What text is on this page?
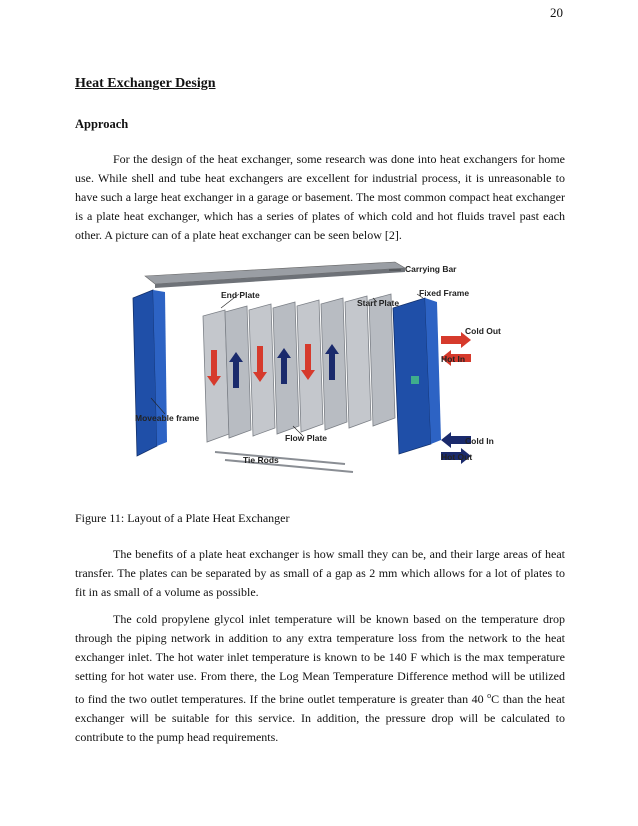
20
Heat Exchanger Design
Approach

For the design of the heat exchanger, some research was done into heat exchangers for home use. While shell and tube heat exchangers are excellent for industrial process, it is unreasonable to have such a large heat exchanger in a garage or basement. The most common compact heat exchanger is a plate heat exchanger, which has a series of plates of which cold and hot fluids travel past each other. A picture can of a plate heat exchanger can be seen below [2].

Carrying Bar
End Plate
Start Plate
Fixed Frame
Cold Out
Hot In
Moveable frame
Flow Plate
Tie Rods
Cold In
Hot Out

Figure 11: Layout of a Plate Heat Exchanger

The benefits of a plate heat exchanger is how small they can be, and their large areas of heat transfer. The plates can be separated by as small of a gap as 2 mm which allows for a lot of plates to fit in as small of a volume as possible.

The cold propylene glycol inlet temperature will be known based on the temperature drop through the piping network in addition to any extra temperature loss from the network to the heat exchanger inlet. The hot water inlet temperature is known to be 140 F which is the max temperature setting for hot water use. From there, the Log Mean Temperature Difference method will be utilized to find the two outlet temperatures. If the brine outlet temperature is greater than 40 $^o$C than the heat exchanger will be suitable for this service. In addition, the pressure drop will be calculated to contribute to the pump head requirements.
